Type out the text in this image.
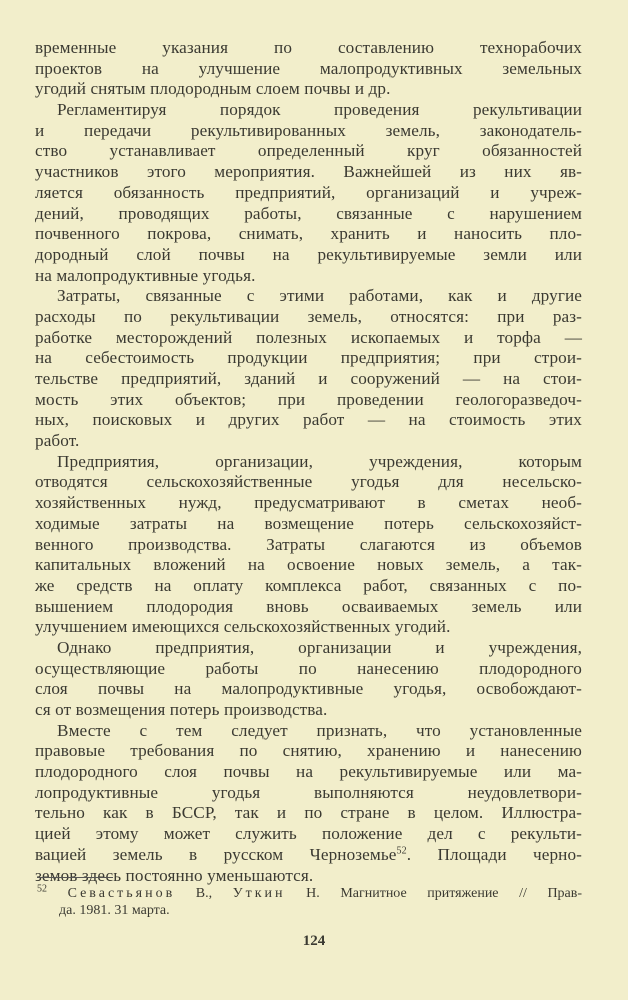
временные указания по составлению технорабочих
проектов на улучшение малопродуктивных земельных
угодий снятым плодородным слоем почвы и др.
Регламентируя порядок проведения рекультивации
и передачи рекультивированных земель, законодатель-
ство устанавливает определенный круг обязанностей
участников этого мероприятия. Важнейшей из них яв-
ляется обязанность предприятий, организаций и учреж-
дений, проводящих работы, связанные с нарушением
почвенного покрова, снимать, хранить и наносить пло-
дородный слой почвы на рекультивируемые земли или
на малопродуктивные угодья.
Затраты, связанные с этими работами, как и другие
расходы по рекультивации земель, относятся: при раз-
работке месторождений полезных ископаемых и торфа —
на себестоимость продукции предприятия; при строи-
тельстве предприятий, зданий и сооружений — на стои-
мость этих объектов; при проведении геологоразведоч-
ных, поисковых и других работ — на стоимость этих
работ.
Предприятия, организации, учреждения, которым
отводятся сельскохозяйственные угодья для несельско-
хозяйственных нужд, предусматривают в сметах необ-
ходимые затраты на возмещение потерь сельскохозяйст-
венного производства. Затраты слагаются из объемов
капитальных вложений на освоение новых земель, а так-
же средств на оплату комплекса работ, связанных с по-
вышением плодородия вновь осваиваемых земель или
улучшением имеющихся сельскохозяйственных угодий.
Однако предприятия, организации и учреждения,
осуществляющие работы по нанесению плодородного
слоя почвы на малопродуктивные угодья, освобождают-
ся от возмещения потерь производства.
Вместе с тем следует признать, что установленные
правовые требования по снятию, хранению и нанесению
плодородного слоя почвы на рекультивируемые или ма-
лопродуктивные угодья выполняются неудовлетвори-
тельно как в БССР, так и по стране в целом. Иллюстра-
цией этому может служить положение дел с рекульти-
вацией земель в русском Черноземье$^{52}$. Площади черно-
земов здесь постоянно уменьшаются.
$^{52}$ Севастьянов В., Уткин Н. Магнитное притяжение // Прав-
да. 1981. 31 марта.
124
